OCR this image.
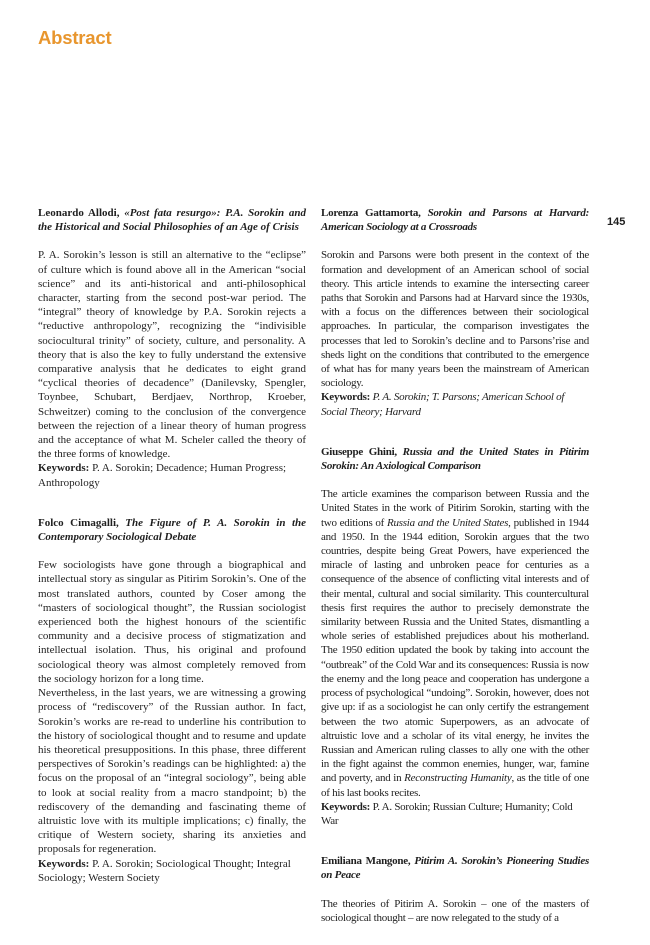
Abstract
145

Leonardo Allodi, «Post fata resurgo»: P.A. Sorokin and the Historical and Social Philosophies of an Age of Crisis

P. A. Sorokin’s lesson is still an alternative to the “eclipse” of culture which is found above all in the American “social science” and its anti-historical and anti-philosophical character, starting from the second post-war period. The “integral” theory of knowledge by P.A. Sorokin rejects a “reductive anthropology”, recognizing the “indivisible sociocultural trinity” of society, culture, and personality. A theory that is also the key to fully understand the extensive comparative analysis that he dedicates to eight grand “cyclical theories of decadence” (Danilevsky, Spengler, Toynbee, Schubart, Berdjaev, Northrop, Kroeber, Schweitzer) coming to the conclusion of the convergence between the rejection of a linear theory of human progress and the acceptance of what M. Scheler called the theory of the three forms of knowledge.

Keywords: P. A. Sorokin; Decadence; Human Progress; Anthropology

Folco Cimagalli, The Figure of P. A. Sorokin in the Contemporary Sociological Debate

Few sociologists have gone through a biographical and intellectual story as singular as Pitirim Sorokin’s. One of the most translated authors, counted by Coser among the “masters of sociological thought”, the Russian sociologist experienced both the highest honours of the scientific community and a decisive process of stigmatization and intellectual isolation. Thus, his original and profound sociological theory was almost completely removed from the sociology horizon for a long time.

Nevertheless, in the last years, we are witnessing a growing process of “rediscovery” of the Russian author. In fact, Sorokin’s works are re-read to underline his contribution to the history of sociological thought and to resume and update his theoretical presuppositions. In this phase, three different perspectives of Sorokin’s readings can be highlighted: a) the focus on the proposal of an “integral sociology”, being able to look at social reality from a macro standpoint; b) the rediscovery of the demanding and fascinating theme of altruistic love with its multiple implications; c) finally, the critique of Western society, sharing its anxieties and proposals for regeneration.

Keywords: P. A. Sorokin; Sociological Thought; Integral Sociology; Western Society

Lorenza Gattamorta, Sorokin and Parsons at Harvard: American Sociology at a Crossroads

Sorokin and Parsons were both present in the context of the formation and development of an American school of social theory. This article intends to examine the intersecting career paths that Sorokin and Parsons had at Harvard since the 1930s, with a focus on the differences between their sociological approaches. In particular, the comparison investigates the processes that led to Sorokin’s decline and to Parsons’rise and sheds light on the conditions that contributed to the emergence of what has for many years been the mainstream of American sociology.

Keywords: P. A. Sorokin; T. Parsons; American School of Social Theory; Harvard

Giuseppe Ghini, Russia and the United States in Pitirim Sorokin: An Axiological Comparison

The article examines the comparison between Russia and the United States in the work of Pitirim Sorokin, starting with the two editions of Russia and the United States, published in 1944 and 1950. In the 1944 edition, Sorokin argues that the two countries, despite being Great Powers, have experienced the miracle of lasting and unbroken peace for centuries as a consequence of the absence of conflicting vital interests and of their mental, cultural and social similarity. This countercultural thesis first requires the author to precisely demonstrate the similarity between Russia and the United States, dismantling a whole series of established prejudices about his motherland. The 1950 edition updated the book by taking into account the “outbreak” of the Cold War and its consequences: Russia is now the enemy and the long peace and cooperation has undergone a process of psychological “undoing”. Sorokin, however, does not give up: if as a sociologist he can only certify the estrangement between the two atomic Superpowers, as an advocate of altruistic love and a scholar of its vital energy, he invites the Russian and American ruling classes to ally one with the other in the fight against the common enemies, hunger, war, famine and poverty, and in Reconstructing Humanity, as the title of one of his last books recites.

Keywords: P. A. Sorokin; Russian Culture; Humanity; Cold War

Emiliana Mangone, Pitirim A. Sorokin’s Pioneering Studies on Peace

The theories of Pitirim A. Sorokin – one of the masters of sociological thought – are now relegated to the study of a
